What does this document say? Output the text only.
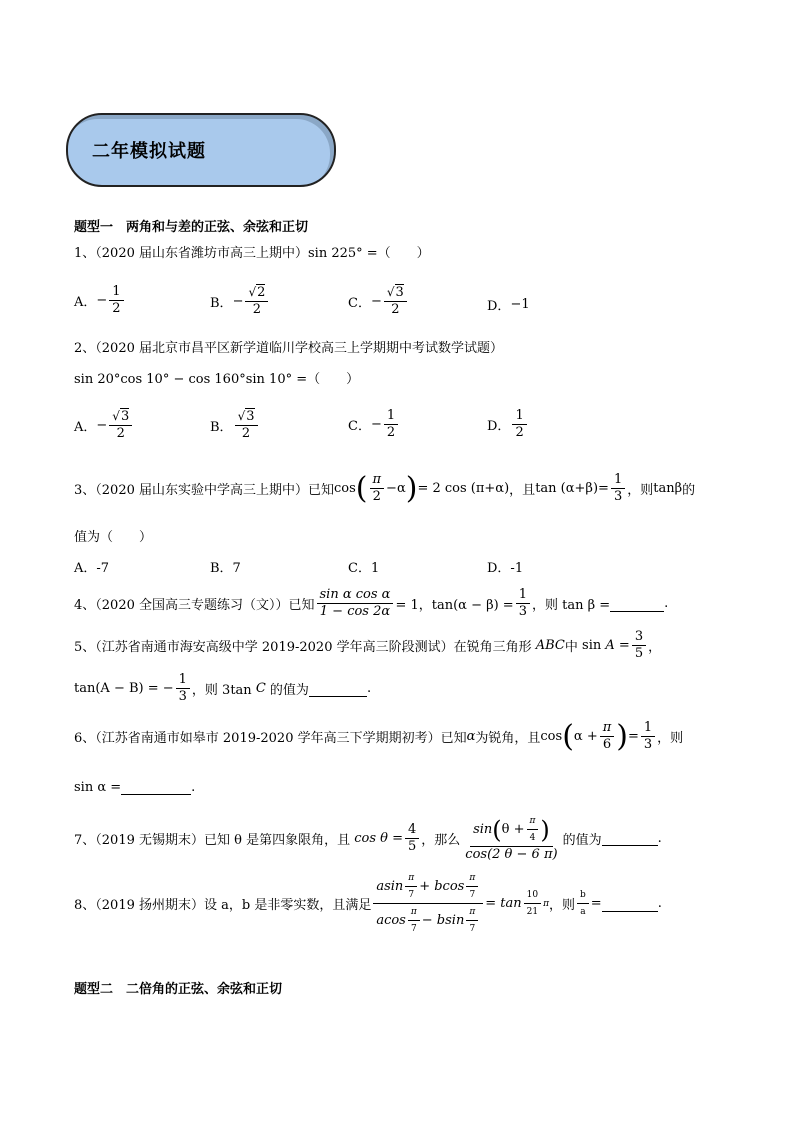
二年模拟试题
题型一　两角和与差的正弦、余弦和正切
1、（2020 届山东省潍坊市高三上期中）sin 225° =（　　）
A． − $\frac{1}{2}$	B． − $\frac{√2}{2}$	C． − $\frac{√3}{2}$	D． −1
2、（2020 届北京市昌平区新学道临川学校高三上学期期中考试数学试题）
sin 20°cos 10° − cos 160°sin 10° =（　　）
A． − $\frac{√3}{2}$	B． $\frac{√3}{2}$	C． − $\frac{1}{2}$	D． $\frac{1}{2}$
3、（2020 届山东实验中学高三上期中）已知 cos ( $\frac{\pi}{2} -\alpha$ ) = 2 cos ( π+α ) ，且 tan ( α+β ) = $\frac{1}{3}$ ，则 tanβ 的
值为（　　）
A．-7	B．7	C．1	D．-1
4、（2020 全国高三专题练习（文））已知 $\frac{\text{sin α cos α}}{1 - \cos 2\alpha} = 1$，$\tan(\alpha - \beta) = \frac{1}{3}$ ，则 tan β =
	.
5、（江苏省南通市海安高级中学 2019-2020 学年高三阶段测试）在锐角三角形
ABC 中
sin
A
= $\frac{3}{5}$ ，
tan(A − B) = − $\frac{1}{3}$ ，则 3tan
C
的值为
	.
6、（江苏省南通市如皋市 2019-2020 学年高三下学期期初考）已知 α 为锐角，且 cos ( $\alpha + \frac{\pi}{6}$ ) = $\frac{1}{3}$ ，则
sin α =
	.
7、（2019 无锡期末）已知 θ 是第四象限角，且
$\cos \theta = \frac{4}{5}$ ，那么 $\frac{\sin ( \theta + \frac{\pi}{4} )}{\cos(2 \theta - 6 \pi)}$ 的值为
	.
8、（2019 扬州期末）设 a，b 是非零实数，且满足 $\frac{asin \frac{\pi}{7} + bcos \frac{\pi}{7}}{acos \frac{\pi}{7} - bsin \frac{\pi}{7}} = \tan \frac{10}{21}$ π ，则 $\frac{b}{a}$ =
	.
题型二　二倍角的正弦、余弦和正切
